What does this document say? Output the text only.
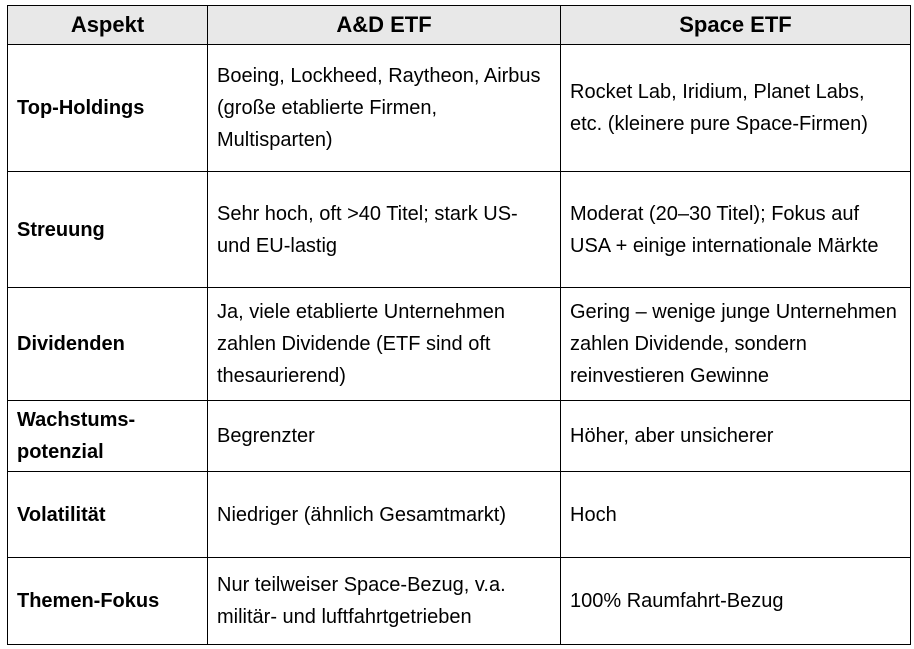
Aspekt	A&D ETF	Space ETF
Top-Holdings	Boeing, Lockheed, Raytheon, Airbus (große etablierte Firmen, Multisparten)	Rocket Lab, Iridium, Planet Labs, etc. (kleinere pure Space-Firmen)
Streuung	Sehr hoch, oft >40 Titel; stark US- und EU-lastig	Moderat (20–30 Titel); Fokus auf USA + einige internationale Märkte
Dividenden	Ja, viele etablierte Unternehmen zahlen Dividende (ETF sind oft thesaurierend)	Gering – wenige junge Unternehmen zahlen Dividende, sondern reinvestieren Gewinne
Wachstums-potenzial	Begrenzter	Höher, aber unsicherer
Volatilität	Niedriger (ähnlich Gesamtmarkt)	Hoch
Themen-Fokus	Nur teilweiser Space-Bezug, v.a. militär- und luftfahrtgetrieben	100% Raumfahrt-Bezug
